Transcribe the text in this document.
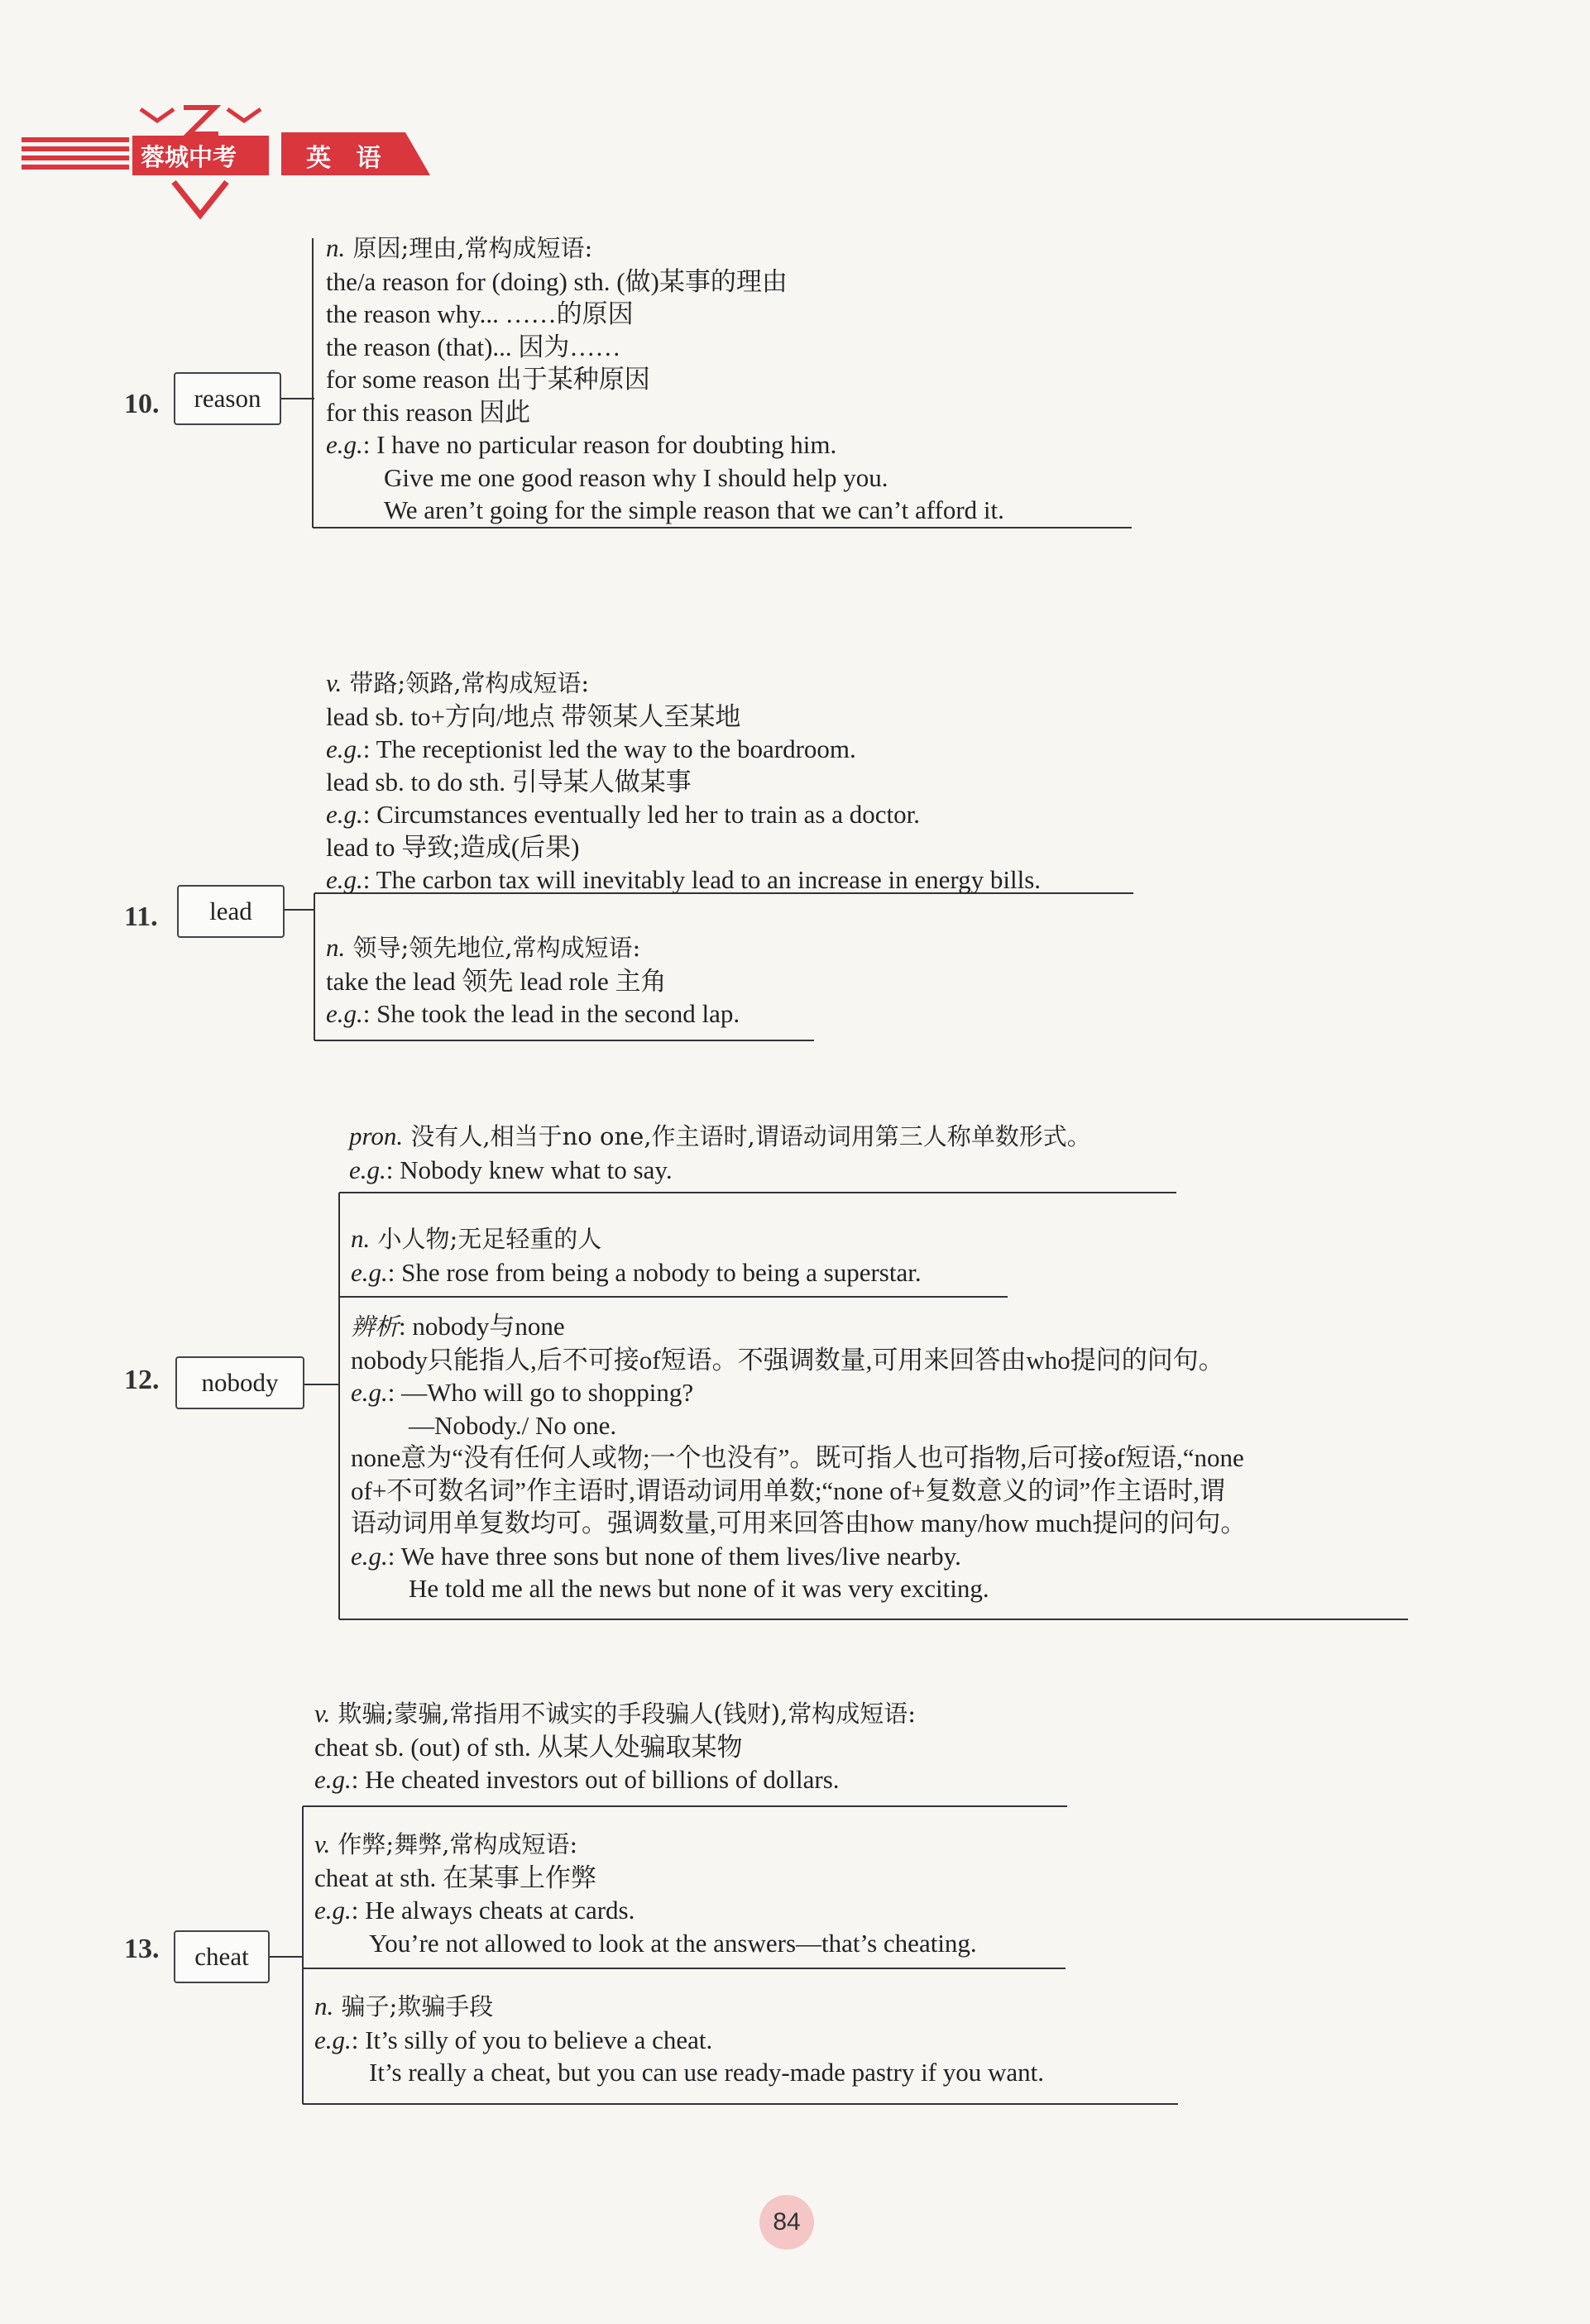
蓉城中考	英 语
10.	reason
n. 原因;理由,常构成短语:
the/a reason for (doing) sth. (做)某事的理由
the reason why... ……的原因
the reason (that)... 因为……
for some reason 出于某种原因
for this reason 因此
e.g.: I have no particular reason for doubting him.
Give me one good reason why I should help you.
We aren’t going for the simple reason that we can’t afford it.
11.	lead
v. 带路;领路,常构成短语:
lead sb. to+方向/地点 带领某人至某地
e.g.: The receptionist led the way to the boardroom.
lead sb. to do sth. 引导某人做某事
e.g.: Circumstances eventually led her to train as a doctor.
lead to 导致;造成(后果)
e.g.: The carbon tax will inevitably lead to an increase in energy bills.
n. 领导;领先地位,常构成短语:
take the lead 领先 lead role 主角
e.g.: She took the lead in the second lap.
12.	nobody
pron. 没有人,相当于no one,作主语时,谓语动词用第三人称单数形式。
e.g.: Nobody knew what to say.
n. 小人物;无足轻重的人
e.g.: She rose from being a nobody to being a superstar.
辨析: nobody与none
nobody只能指人,后不可接of短语。不强调数量,可用来回答由who提问的问句。
e.g.: —Who will go to shopping?
—Nobody./ No one.
none意为“没有任何人或物;一个也没有”。既可指人也可指物,后可接of短语,“none
of+不可数名词”作主语时,谓语动词用单数;“none of+复数意义的词”作主语时,谓
语动词用单复数均可。强调数量,可用来回答由how many/how much提问的问句。
e.g.: We have three sons but none of them lives/live nearby.
He told me all the news but none of it was very exciting.
13.	cheat
v. 欺骗;蒙骗,常指用不诚实的手段骗人(钱财),常构成短语:
cheat sb. (out) of sth. 从某人处骗取某物
e.g.: He cheated investors out of billions of dollars.
v. 作弊;舞弊,常构成短语:
cheat at sth. 在某事上作弊
e.g.: He always cheats at cards.
You’re not allowed to look at the answers—that’s cheating.
n. 骗子;欺骗手段
e.g.: It’s silly of you to believe a cheat.
It’s really a cheat, but you can use ready-made pastry if you want.
84
